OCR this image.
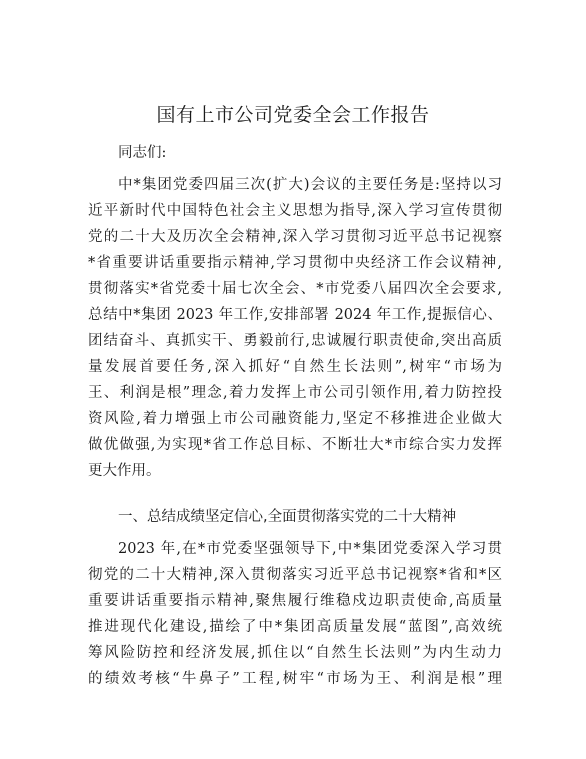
国有上市公司党委全会工作报告
同志们:
中*集团党委四届三次(扩大)会议的主要任务是:坚持以习
近平新时代中国特色社会主义思想为指导,深入学习宣传贯彻
党的二十大及历次全会精神,深入学习贯彻习近平总书记视察
*省重要讲话重要指示精神,学习贯彻中央经济工作会议精神,
贯彻落实*省党委十届七次全会、*市党委八届四次全会要求,
总结中*集团 2023 年工作,安排部署 2024 年工作,提振信心、
团结奋斗、真抓实干、勇毅前行,忠诚履行职责使命,突出高质
量发展首要任务,深入抓好“自然生长法则”,树牢“市场为
王、利润是根”理念,着力发挥上市公司引领作用,着力防控投
资风险,着力增强上市公司融资能力,坚定不移推进企业做大
做优做强,为实现*省工作总目标、不断壮大*市综合实力发挥
更大作用。
一、总结成绩坚定信心,全面贯彻落实党的二十大精神
2023 年,在*市党委坚强领导下,中*集团党委深入学习贯
彻党的二十大精神,深入贯彻落实习近平总书记视察*省和*区
重要讲话重要指示精神,聚焦履行维稳戍边职责使命,高质量
推进现代化建设,描绘了中*集团高质量发展“蓝图”,高效统
筹风险防控和经济发展,抓住以“自然生长法则”为内生动力
的绩效考核“牛鼻子”工程,树牢“市场为王、利润是根”理
